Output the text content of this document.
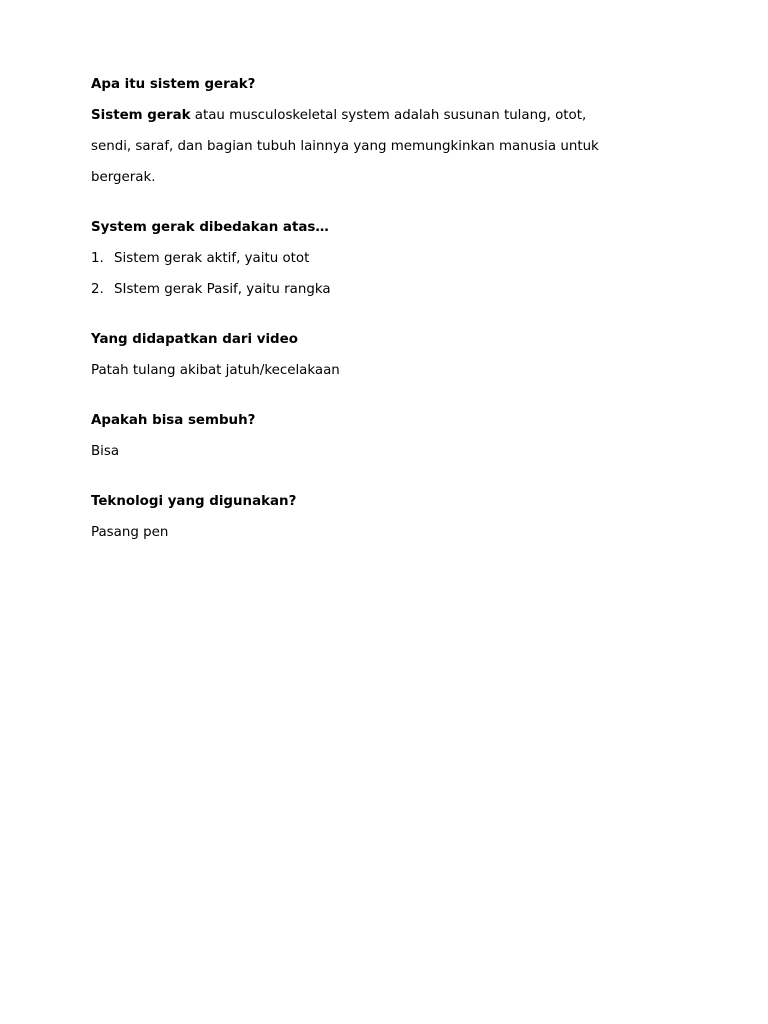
Apa itu sistem gerak?

Sistem gerak atau musculoskeletal system adalah susunan tulang, otot,

sendi, saraf, dan bagian tubuh lainnya yang memungkinkan manusia untuk

bergerak.

System gerak dibedakan atas…

1. Sistem gerak aktif, yaitu otot
2. SIstem gerak Pasif, yaitu rangka

Yang didapatkan dari video

Patah tulang akibat jatuh/kecelakaan

Apakah bisa sembuh?

Bisa

Teknologi yang digunakan?

Pasang pen
